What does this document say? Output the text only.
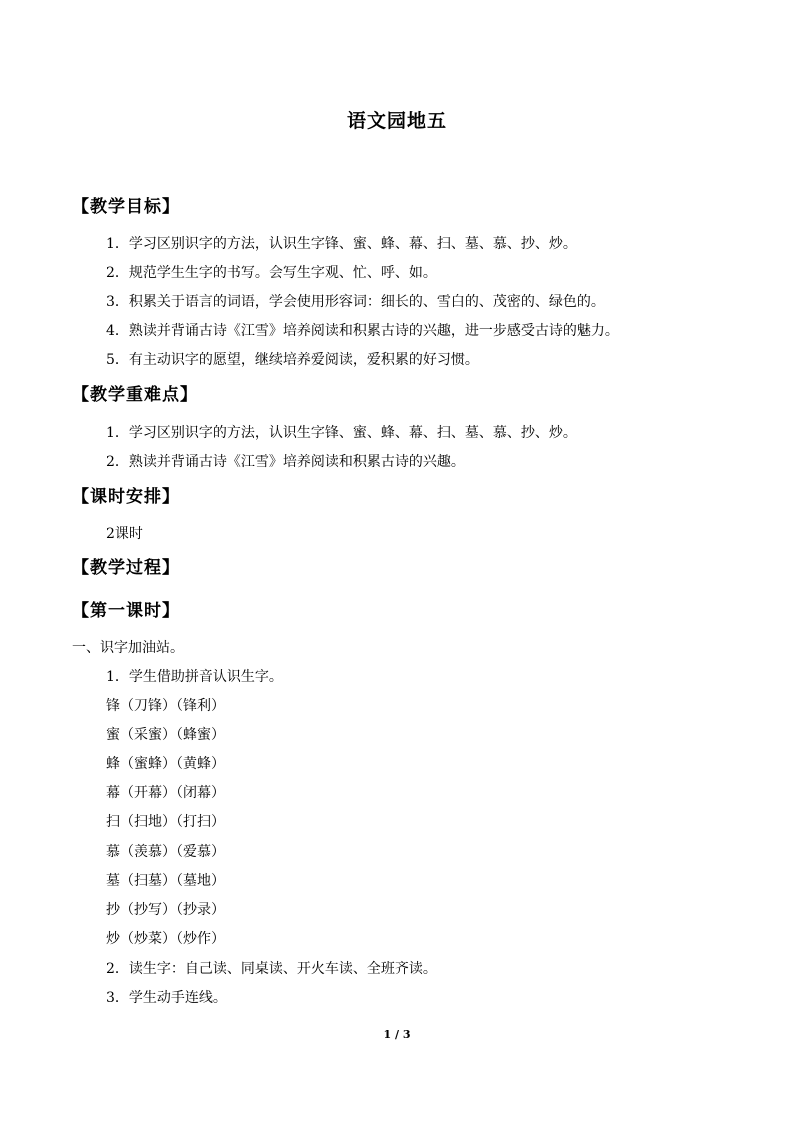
语文园地五
【教学目标】
1．学习区别识字的方法，认识生字锋、蜜、蜂、幕、扫、墓、慕、抄、炒。
2．规范学生生字的书写。会写生字观、忙、呼、如。
3．积累关于语言的词语，学会使用形容词：细长的、雪白的、茂密的、绿色的。
4．熟读并背诵古诗《江雪》培养阅读和积累古诗的兴趣，进一步感受古诗的魅力。
5．有主动识字的愿望，继续培养爱阅读，爱积累的好习惯。
【教学重难点】
1．学习区别识字的方法，认识生字锋、蜜、蜂、幕、扫、墓、慕、抄、炒。
2．熟读并背诵古诗《江雪》培养阅读和积累古诗的兴趣。
【课时安排】
2课时
【教学过程】
【第一课时】
一、识字加油站。
1．学生借助拼音认识生字。
锋（刀锋）（锋利）
蜜（采蜜）（蜂蜜）
蜂（蜜蜂）（黄蜂）
幕（开幕）（闭幕）
扫（扫地）（打扫）
慕（羡慕）（爱慕）
墓（扫墓）（墓地）
抄（抄写）（抄录）
炒（炒菜）（炒作）
2．读生字：自己读、同桌读、开火车读、全班齐读。
3．学生动手连线。
1 / 3
